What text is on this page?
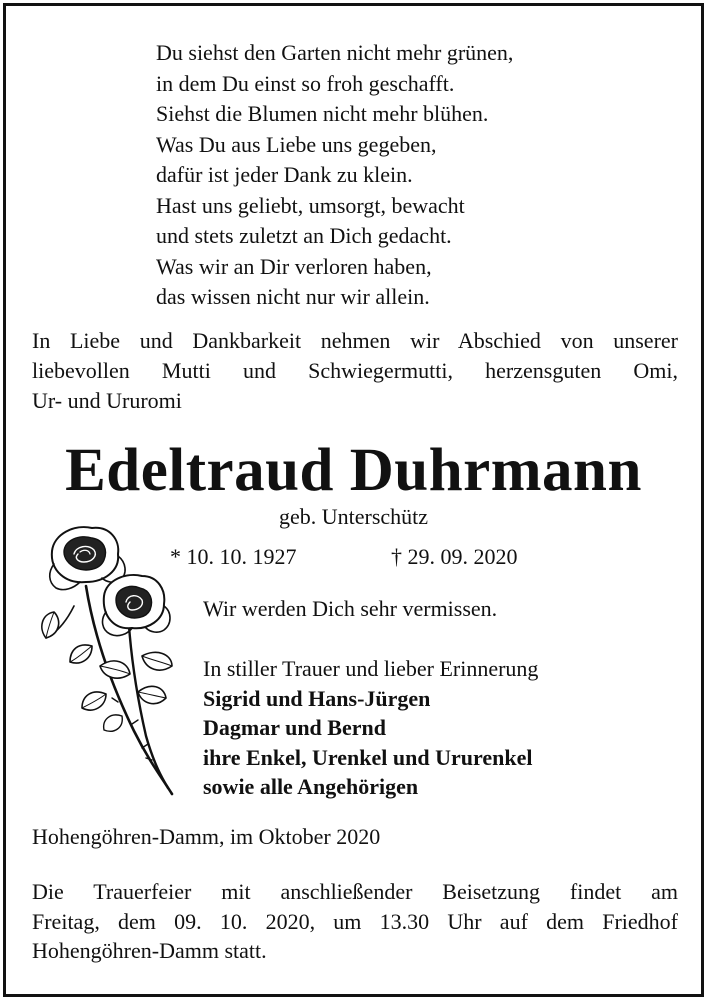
Du siehst den Garten nicht mehr grünen,
in dem Du einst so froh geschafft.
Siehst die Blumen nicht mehr blühen.
Was Du aus Liebe uns gegeben,
dafür ist jeder Dank zu klein.
Hast uns geliebt, umsorgt, bewacht
und stets zuletzt an Dich gedacht.
Was wir an Dir verloren haben,
das wissen nicht nur wir allein.
In Liebe und Dankbarkeit nehmen wir Abschied von unserer
liebevollen Mutti und Schwiegermutti, herzensguten Omi,
Ur- und Ururomi
Edeltraud Duhrmann
geb. Unterschütz
* 10. 10. 1927	† 29. 09. 2020
Wir werden Dich sehr vermissen.
In stiller Trauer und lieber Erinnerung
Sigrid und Hans-Jürgen
Dagmar und Bernd
ihre Enkel, Urenkel und Ururenkel
sowie alle Angehörigen
Hohengöhren-Damm, im Oktober 2020
Die Trauerfeier mit anschließender Beisetzung findet am
Freitag, dem 09. 10. 2020, um 13.30 Uhr auf dem Friedhof
Hohengöhren-Damm statt.
